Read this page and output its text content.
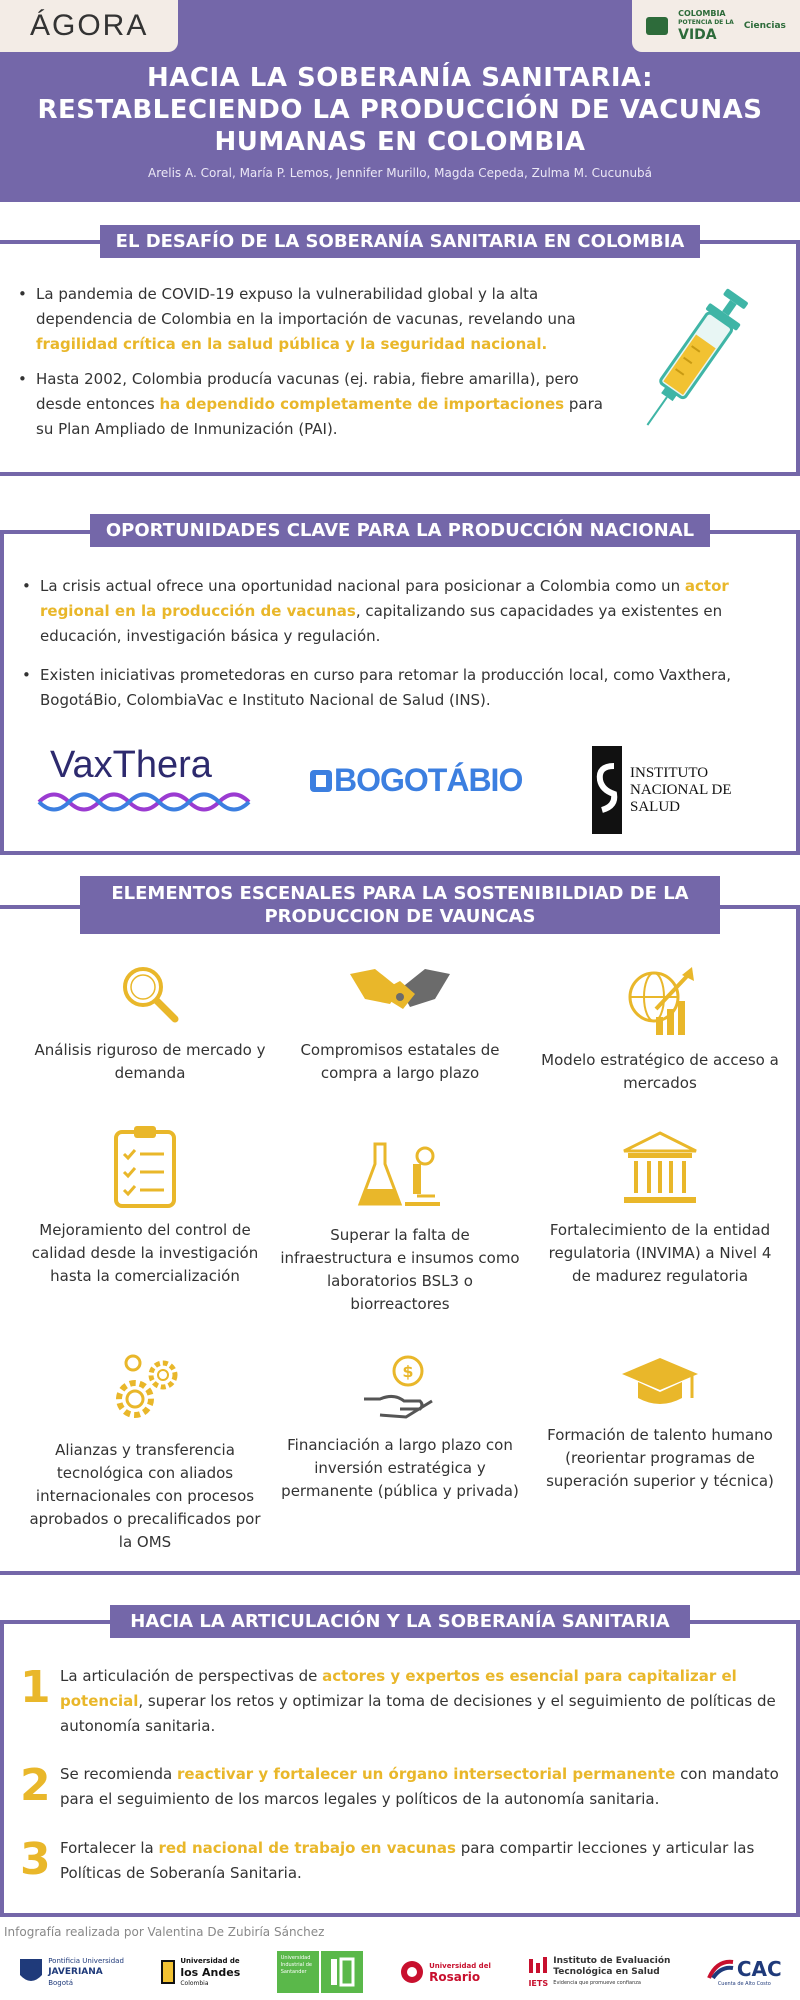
ÁGORA	COLOMBIA
POTENCIA DE LA
VIDA
Ciencias
HACIA LA SOBERANÍA SANITARIA:
RESTABLECIENDO LA PRODUCCIÓN DE VACUNAS
HUMANAS EN COLOMBIA
Arelis A. Coral, María P. Lemos, Jennifer Murillo, Magda Cepeda, Zulma M. Cucunubá
• La pandemia de COVID-19 expuso la vulnerabilidad global y la alta dependencia de Colombia en la importación de vacunas, revelando una fragilidad crítica en la salud pública y la seguridad nacional.
• Hasta 2002, Colombia producía vacunas (ej. rabia, fiebre amarilla), pero desde entonces ha dependido completamente de importaciones para su Plan Ampliado de Inmunización (PAI).
EL DESAFÍO DE LA SOBERANÍA SANITARIA EN COLOMBIA
• La crisis actual ofrece una oportunidad nacional para posicionar a Colombia como un actor regional en la producción de vacunas, capitalizando sus capacidades ya existentes en educación, investigación básica y regulación.
• Existen iniciativas prometedoras en curso para retomar la producción local, como Vaxthera, BogotáBio, ColombiaVac e Instituto Nacional de Salud (INS).
VaxThera	BOGOTÁBIO	INSTITUTO
NACIONAL DE
SALUD
OPORTUNIDADES CLAVE PARA LA PRODUCCIÓN NACIONAL
Análisis riguroso de mercado y demanda
Compromisos estatales de compra a largo plazo
Modelo estratégico de acceso a mercados
Mejoramiento del control de calidad desde la investigación hasta la comercialización
Superar la falta de infraestructura e insumos como laboratorios BSL3 o biorreactores
Fortalecimiento de la entidad regulatoria (INVIMA) a Nivel 4 de madurez regulatoria
Alianzas y transferencia tecnológica con aliados internacionales con procesos aprobados o precalificados por la OMS
$
Financiación a largo plazo con inversión estratégica y permanente (pública y privada)
Formación de talento humano (reorientar programas de superación superior y técnica)
ELEMENTOS ESCENALES PARA LA SOSTENIBILDIAD DE LA
PRODUCCION DE VAUNCAS
1 La articulación de perspectivas de actores y expertos es esencial para capitalizar el potencial, superar los retos y optimizar la toma de decisiones y el seguimiento de políticas de autonomía sanitaria.
2 Se recomienda reactivar y fortalecer un órgano intersectorial permanente con mandato para el seguimiento de los marcos legales y políticos de la autonomía sanitaria.
3 Fortalecer la red nacional de trabajo en vacunas para compartir lecciones y articular las Políticas de Soberanía Sanitaria.
HACIA LA ARTICULACIÓN Y LA SOBERANÍA SANITARIA
Infografía realizada por Valentina De Zubiría Sánchez
Pontificia Universidad
JAVERIANA
Bogotá
Universidad de
los Andes
Colombia
Universidad
Industrial de
Santander
Universidad del
Rosario	IETS
Instituto de Evaluación
Tecnológica en Salud
Evidencia que promueve confianza
CAC
Cuenta de Alto Costo
